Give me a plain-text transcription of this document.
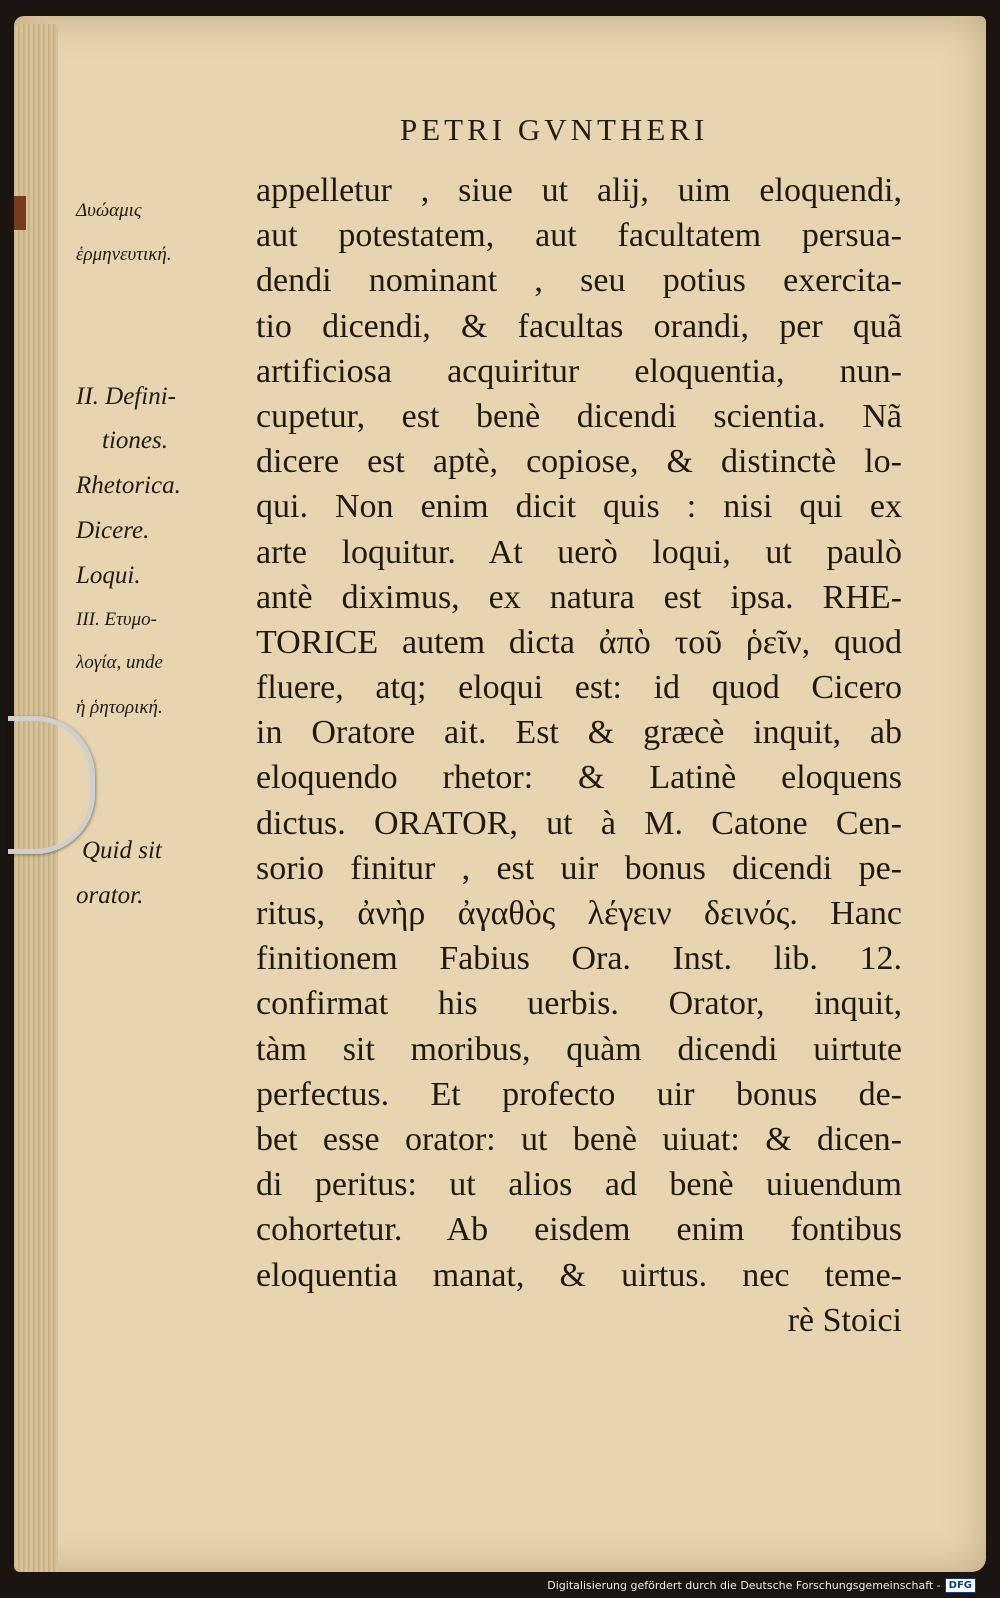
PETRI GVNTHERI
Δυώαμις
ἑρμηνευτική.
II. Defini-
tiones.
Rhetorica.
Dicere.
Loqui.
III. Ετυμο-
λογία, unde
ἡ ῥητορική.
Quid sit
orator.
appelletur , siue ut alij, uim eloquendi,
aut potestatem, aut facultatem persua-
dendi nominant , seu potius exercita-
tio dicendi, & facultas orandi, per quã
artificiosa acquiritur eloquentia, nun-
cupetur, est benè dicendi scientia. Nã
dicere est aptè, copiose, & distinctè lo-
qui. Non enim dicit quis : nisi qui ex
arte loquitur. At uerò loqui, ut paulò
antè diximus, ex natura est ipsa. RHE-
TORICE autem dicta ἀπὸ τοῦ ῥεῖν, quod
fluere, atq; eloqui est: id quod Cicero
in Oratore ait. Est & græcè inquit, ab
eloquendo rhetor: & Latinè eloquens
dictus. ORATOR, ut à M. Catone Cen-
sorio finitur , est uir bonus dicendi pe-
ritus, ἀνὴρ ἀγαθὸς λέγειν δεινός. Hanc
finitionem Fabius Ora. Inst. lib. 12.
confirmat his uerbis. Orator, inquit,
tàm sit moribus, quàm dicendi uirtute
perfectus. Et profecto uir bonus de-
bet esse orator: ut benè uiuat: & dicen-
di peritus: ut alios ad benè uiuendum
cohortetur. Ab eisdem enim fontibus
eloquentia manat, & uirtus. nec teme-
rè Stoici
Digitalisierung gefördert durch die Deutsche Forschungsgemeinschaft - DFG
